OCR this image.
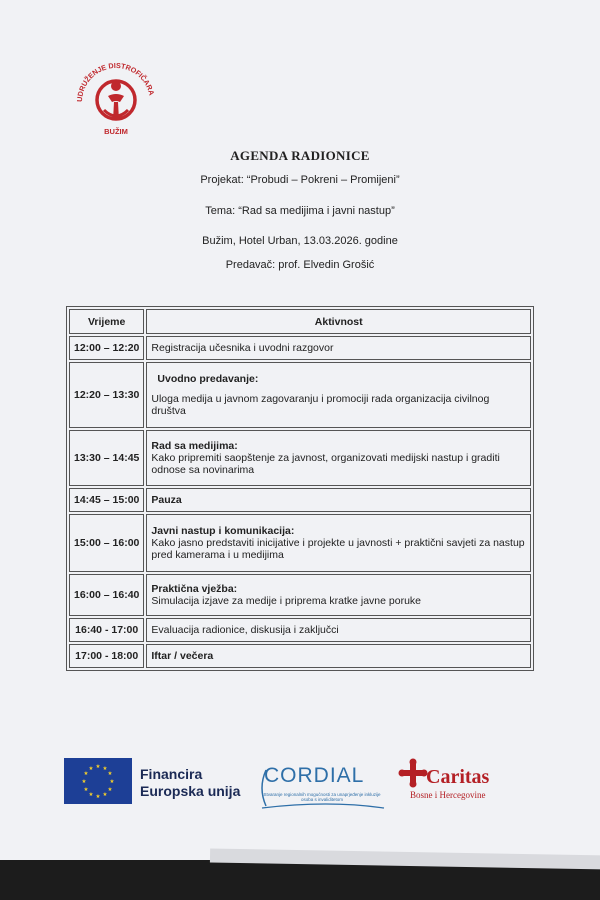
UDRUŽENJE DISTROFIČARA
BUŽIM
AGENDA RADIONICE
Projekat: “Probudi – Pokreni – Promijeni”
Tema: “Rad sa medijima i javni nastup”
Bužim, Hotel Urban, 13.03.2026. godine
Predavač: prof. Elvedin Grošić
Vrijeme	Aktivnost
12:00 – 12:20	Registracija učesnika i uvodni razgovor

12:20 – 13:30	Uvodno predavanje:
Uloga medija u javnom zagovaranju i promociji rada organizacija civilnog društva

13:30 – 14:45	Rad sa medijima:
Kako pripremiti saopštenje za javnost, organizovati medijski nastup i graditi odnose sa novinarima

14:45 – 15:00	Pauza

15:00 – 16:00	Javni nastup i komunikacija:
Kako jasno predstaviti inicijative i projekte u javnosti + praktični savjeti za nastup pred kamerama i u medijima

16:00 – 16:40	Praktična vježba:
Simulacija izjave za medije i priprema kratke javne poruke

16:40 - 17:00	Evaluacija radionice, diskusija i zaključci

17:00 - 18:00	Iftar / večera
★ ★
★
★
★
★
★
★
★
★
★
★	Financira
Europska unija
CORDIAL
Stvaranje regionalnih mogućnosti za unaprjeđenje inkluzije osoba s invaliditetom
Caritas
Bosne i Hercegovine
